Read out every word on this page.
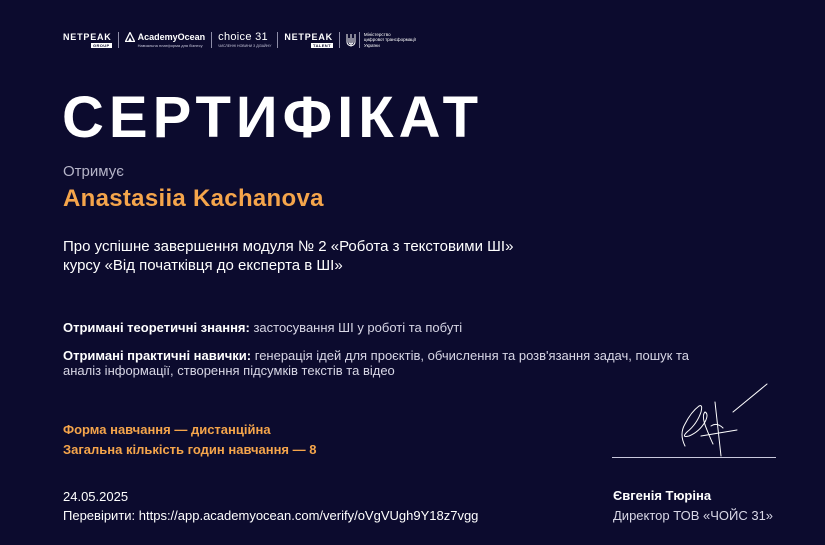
NETPEAK
GROUP
AcademyOcean
Навчальна платформа для бізнесу
choice 31
ЧИСЛЕННІ НОВИНИ З ДІЗАЙНУ
NETPEAK
TALENT
Міністерство
цифрової трансформації
України
СЕРТИФІКАТ
Отримує
Anastasiia Kachanova
Про успішне завершення модуля № 2 «Робота з текстовими ШІ»
курсу «Від початківця до експерта в ШІ»
Отримані теоретичні знання: застосування ШІ у роботі та побуті
Отримані практичні навички: генерація ідей для проєктів, обчислення та розв'язання задач, пошук та аналіз інформації, створення підсумків текстів та відео
Форма навчання — дистанційна
Загальна кількість годин навчання — 8
24.05.2025
Перевірити: https://app.academyocean.com/verify/oVgVUgh9Y18z7vgg
Євгенія Тюріна
Директор ТОВ «ЧОЙС 31»
